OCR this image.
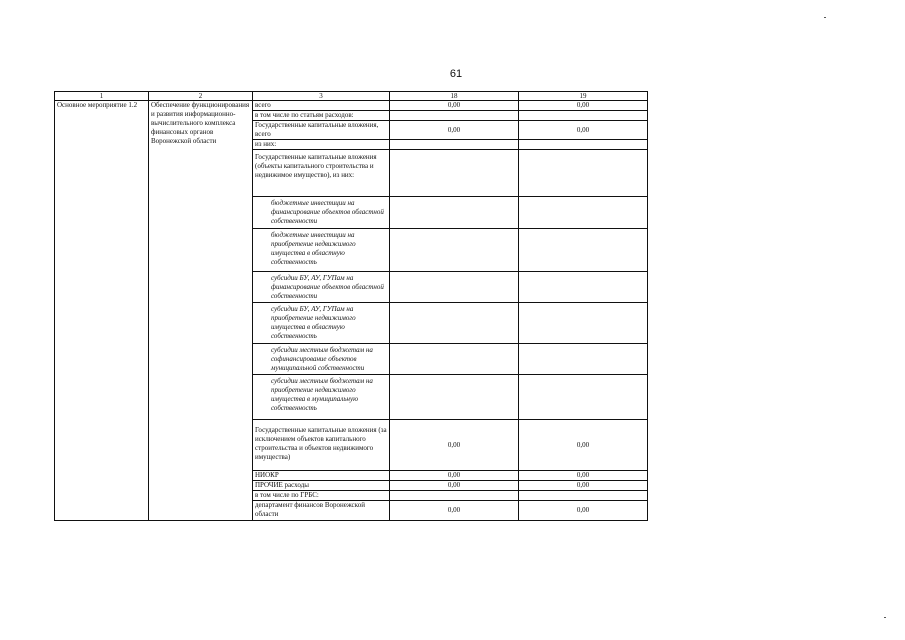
61
1	2	3	18	19
Основное мероприятие 1.2	Обеспечение функционирования и развития информационно-вычислительного комплекса финансовых органов Воронежской области	всего	0,00	0,00
		в том числе по статьям расходов:		
		Государственные капитальные вложения, всего	0,00	0,00
		из них:		
		Государственные капитальные вложения (объекты капитального строительства и недвижимое имущество), из них:		
		бюджетные инвестиции на финансирование объектов областной собственности		
		бюджетные инвестиции на приобретение недвижимого имущества в областную собственность		
		субсидии БУ, АУ, ГУПам на финансирование объектов областной собственности		
		субсидии БУ, АУ, ГУПам на приобретение недвижимого имущества в областную собственность		
		субсидии местным бюджетам на софинансирование объектов муниципальной собственности		
		субсидии местным бюджетам на приобретение недвижимого имущества в муниципальную собственность		
		Государственные капитальные вложения (за исключением объектов капитального строительства и объектов недвижимого имущества)	0,00	0,00
		НИОКР	0,00	0,00
		ПРОЧИЕ расходы	0,00	0,00
		в том числе по ГРБС:		
		департамент финансов Воронежской области	0,00	0,00
